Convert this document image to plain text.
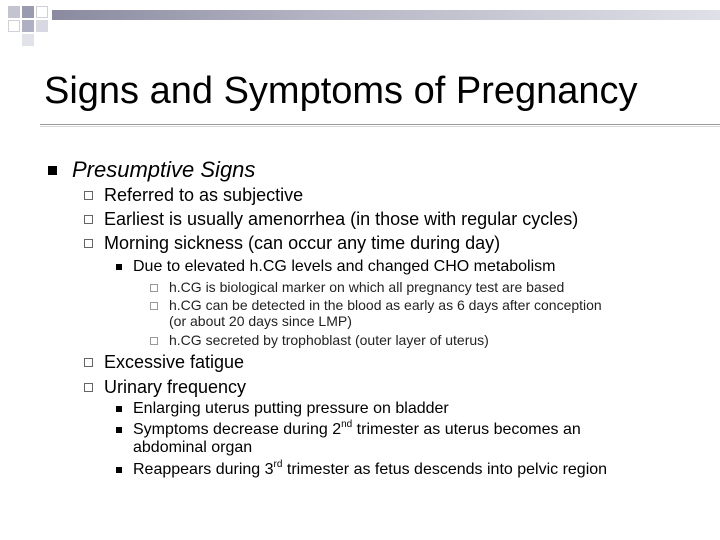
Signs and Symptoms of Pregnancy
Presumptive Signs
Referred to as subjective
Earliest is usually amenorrhea (in those with regular cycles)
Morning sickness (can occur any time during day)
Due to elevated h.CG levels and changed CHO metabolism
h.CG is biological marker on which all pregnancy test are based
h.CG can be detected in the blood as early as 6 days after conception
(or about 20 days since LMP)
h.CG secreted by trophoblast (outer layer of uterus)
Excessive fatigue
Urinary frequency
Enlarging uterus putting pressure on bladder
Symptoms decrease during 2nd trimester as uterus becomes an
abdominal organ
Reappears during 3rd trimester as fetus descends into pelvic region
